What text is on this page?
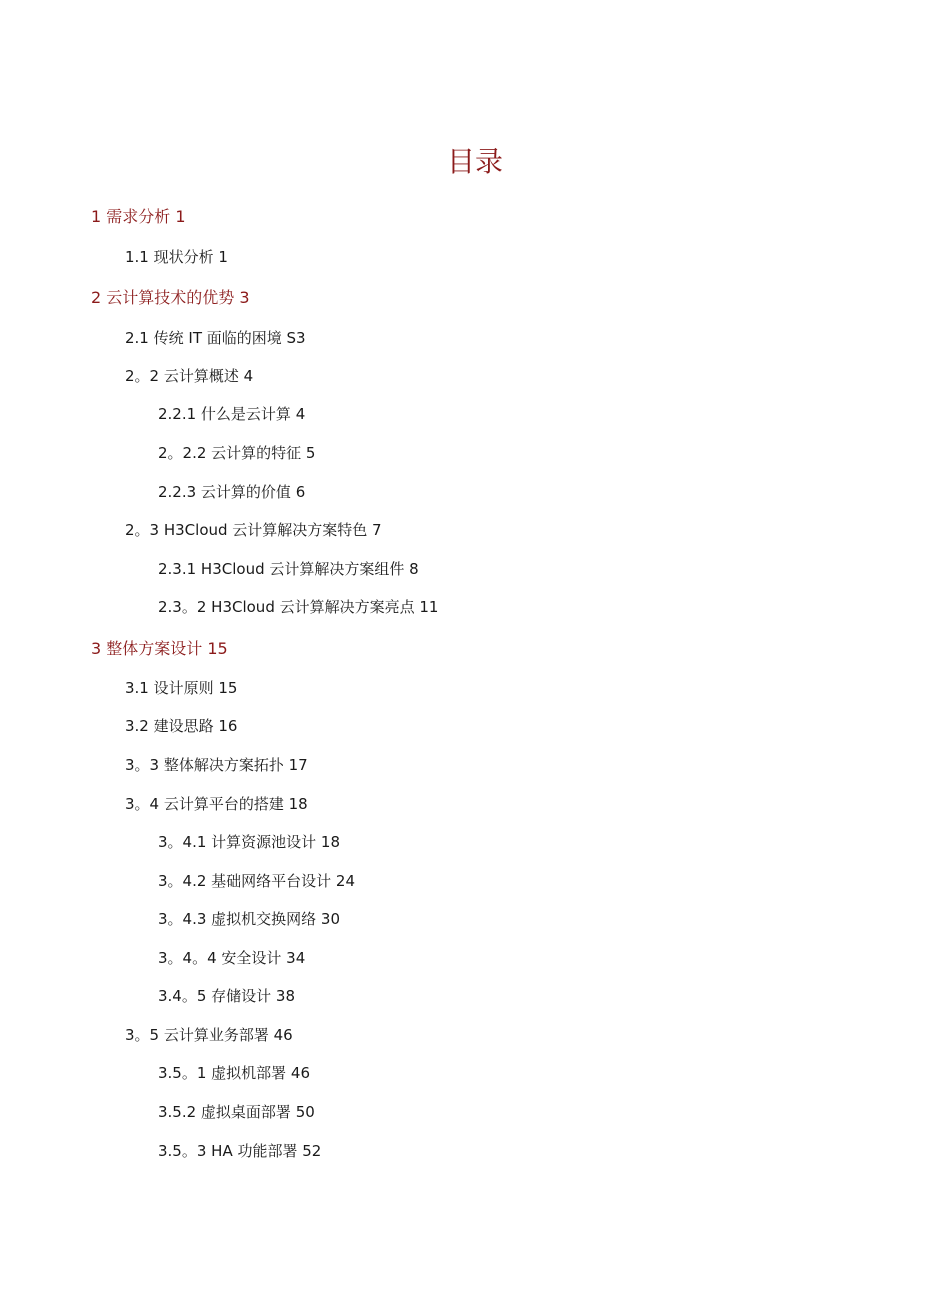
目录
1 需求分析 1
1.1 现状分析 1
2 云计算技术的优势 3
2.1 传统 IT 面临的困境 S3
2。2 云计算概述 4
2.2.1 什么是云计算 4
2。2.2 云计算的特征 5
2.2.3 云计算的价值 6
2。3 H3Cloud 云计算解决方案特色 7
2.3.1 H3Cloud 云计算解决方案组件 8
2.3。2 H3Cloud 云计算解决方案亮点 11
3 整体方案设计 15
3.1 设计原则 15
3.2 建设思路 16
3。3 整体解决方案拓扑 17
3。4 云计算平台的搭建 18
3。4.1 计算资源池设计 18
3。4.2 基础网络平台设计 24
3。4.3 虚拟机交换网络 30
3。4。4 安全设计 34
3.4。5 存储设计 38
3。5 云计算业务部署 46
3.5。1 虚拟机部署 46
3.5.2 虚拟桌面部署 50
3.5。3 HA 功能部署 52
